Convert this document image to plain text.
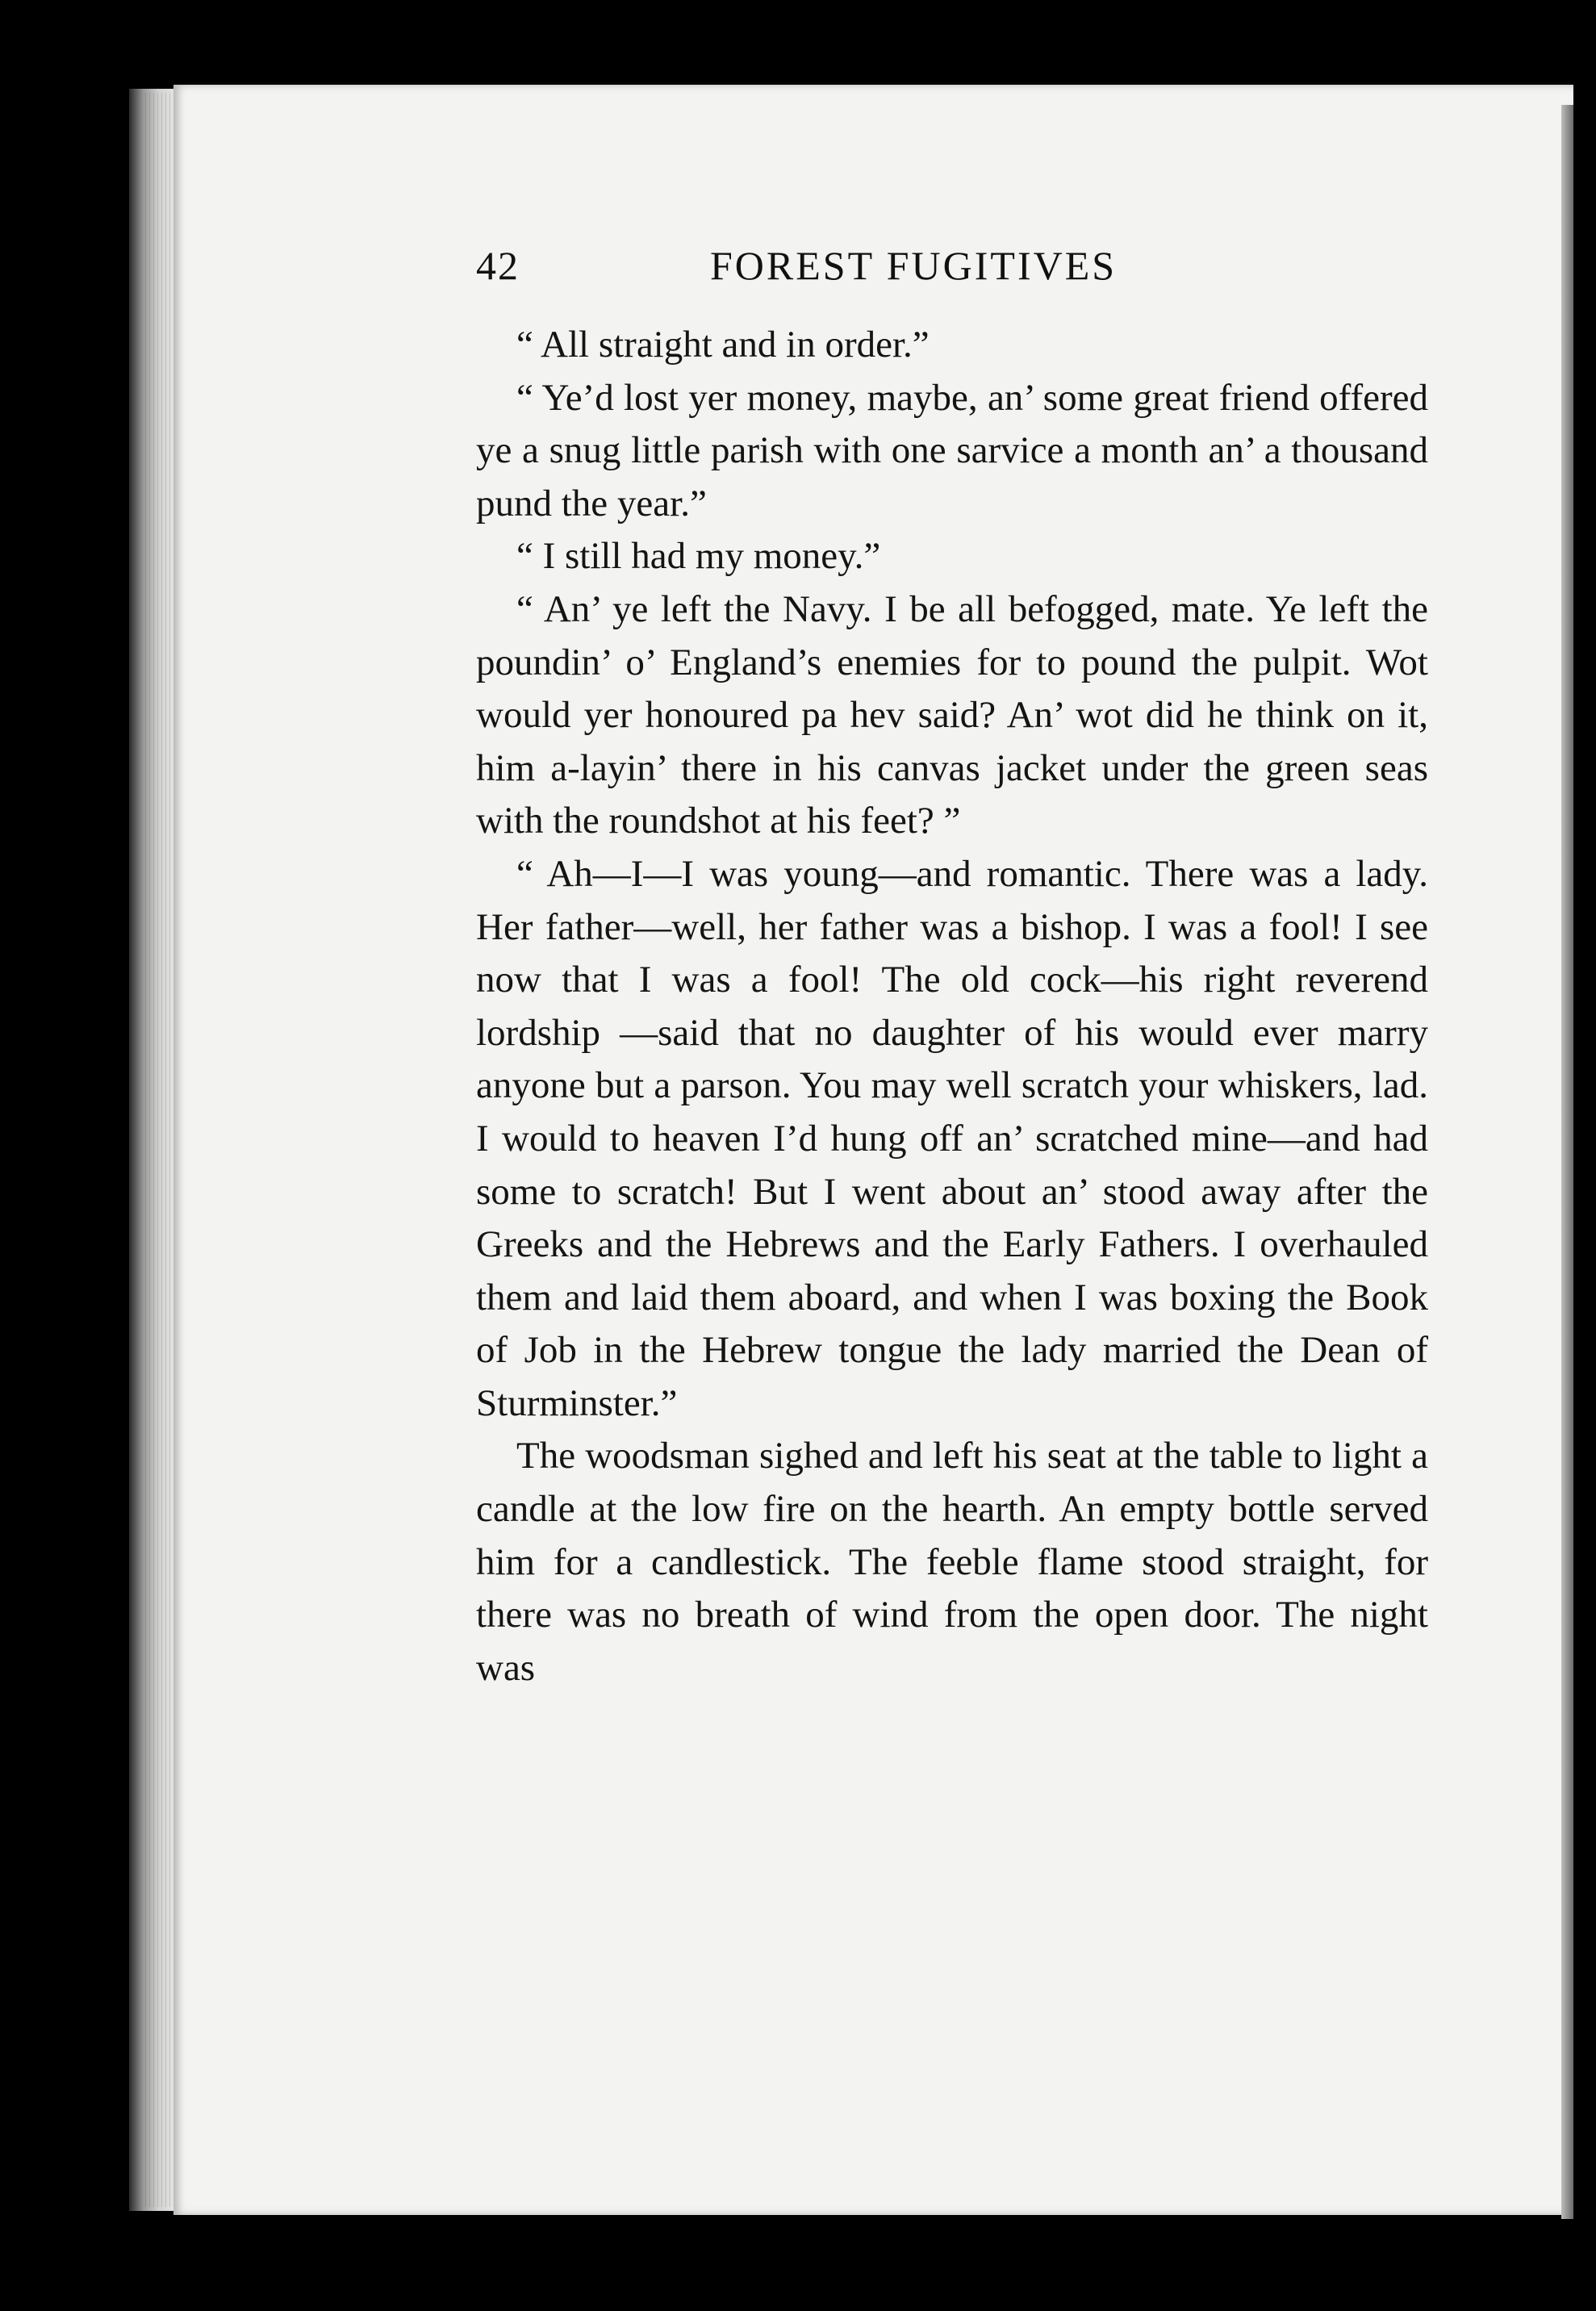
42	FOREST FUGITIVES

“ All straight and in order.”

“ Ye’d lost yer money, maybe, an’ some great friend offered ye a snug little parish with one sarvice a month an’ a thousand pund the year.”

“ I still had my money.”

“ An’ ye left the Navy. I be all befogged, mate. Ye left the poundin’ o’ England’s enemies for to pound the pulpit. Wot would yer honoured pa hev said? An’ wot did he think on it, him a-layin’ there in his canvas jacket under the green seas with the roundshot at his feet? ”

“ Ah—I—I was young—and romantic. There was a lady. Her father—well, her father was a bishop. I was a fool! I see now that I was a fool! The old cock—his right reverend lordship —said that no daughter of his would ever marry anyone but a parson. You may well scratch your whiskers, lad. I would to heaven I’d hung off an’ scratched mine—and had some to scratch! But I went about an’ stood away after the Greeks and the Hebrews and the Early Fathers. I overhauled them and laid them aboard, and when I was boxing the Book of Job in the Hebrew tongue the lady married the Dean of Sturminster.”

The woodsman sighed and left his seat at the table to light a candle at the low fire on the hearth. An empty bottle served him for a candlestick. The feeble flame stood straight, for there was no breath of wind from the open door. The night was
